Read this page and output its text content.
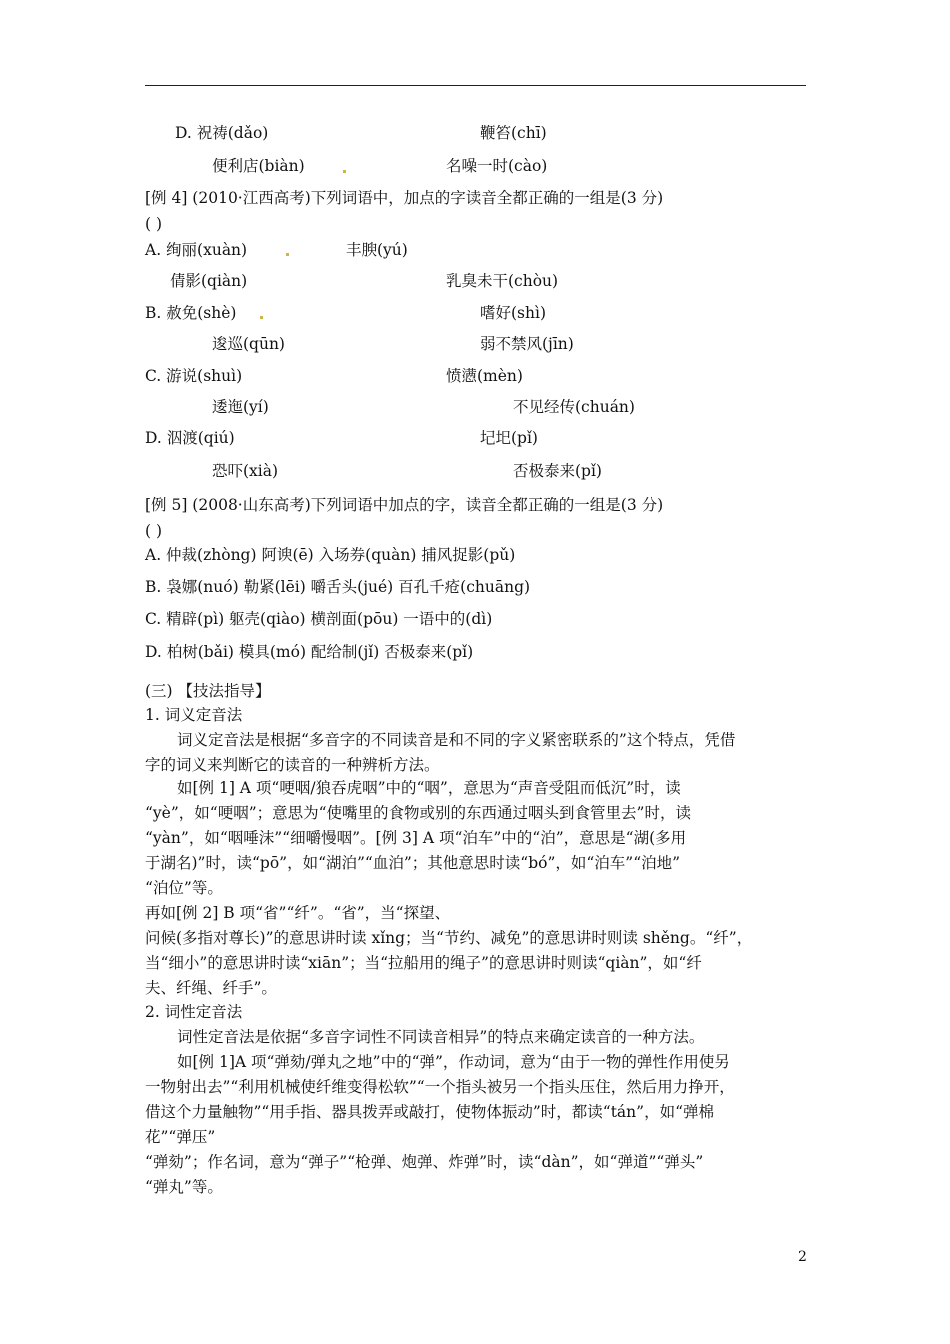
D. 祝祷(dǎo)	鞭笞(chī)
便利店(biàn)	名噪一时(cào)
[例 4] (2010·江西高考)下列词语中，加点的字读音全都正确的一组是(3 分)
( )
A. 绚丽(xuàn)	丰腴(yú)
倩影(qiàn)	乳臭未干(chòu)
B. 赦免(shè)	嗜好(shì)
逡巡(qūn)	弱不禁风(jīn)
C. 游说(shuì)	愤懑(mèn)
逶迤(yí)	不见经传(chuán)
D. 泅渡(qiú)	圮圯(pǐ)
恐吓(xià)	否极泰来(pǐ)
[例 5] (2008·山东高考)下列词语中加点的字，读音全都正确的一组是(3 分)
( )
A. 仲裁(zhòng) 阿谀(ē) 入场券(quàn) 捕风捉影(pǔ)
B. 袅娜(nuó) 勒紧(lēi) 嚼舌头(jué) 百孔千疮(chuāng)
C. 精辟(pì) 躯壳(qiào) 横剖面(pōu) 一语中的(dì)
D. 柏树(bǎi) 模具(mó) 配给制(jǐ) 否极泰来(pǐ)
(三) 【技法指导】
1. 词义定音法
词义定音法是根据“多音字的不同读音是和不同的字义紧密联系的”这个特点，凭借
字的词义来判断它的读音的一种辨析方法。
如[例 1] A 项“哽咽/狼吞虎咽”中的“咽”，意思为“声音受阻而低沉”时，读
“yè”，如“哽咽”；意思为“使嘴里的食物或别的东西通过咽头到食管里去”时，读
“yàn”，如“咽唾沫”“细嚼慢咽”。[例 3] A 项“泊车”中的“泊”，意思是“湖(多用
于湖名)”时，读“pō”，如“湖泊”“血泊”；其他意思时读“bó”，如“泊车”“泊地”
“泊位”等。
再如[例 2] B 项“省”“纤”。“省”，当“探望、
问候(多指对尊长)”的意思讲时读 xǐng；当“节约、减免”的意思讲时则读 shěng。“纤”，
当“细小”的意思讲时读“xiān”；当“拉船用的绳子”的意思讲时则读“qiàn”，如“纤
夫、纤绳、纤手”。
2. 词性定音法
词性定音法是依据“多音字词性不同读音相异”的特点来确定读音的一种方法。
如[例 1]A 项“弹劾/弹丸之地”中的“弹”，作动词，意为“由于一物的弹性作用使另
一物射出去”“利用机械使纤维变得松软”“一个指头被另一个指头压住，然后用力挣开，
借这个力量触物”“用手指、器具拨弄或敲打，使物体振动”时，都读“tán”，如“弹棉
花”“弹压”
“弹劾”；作名词，意为“弹子”“枪弹、炮弹、炸弹”时，读“dàn”，如“弹道”“弹头”
“弹丸”等。
2
